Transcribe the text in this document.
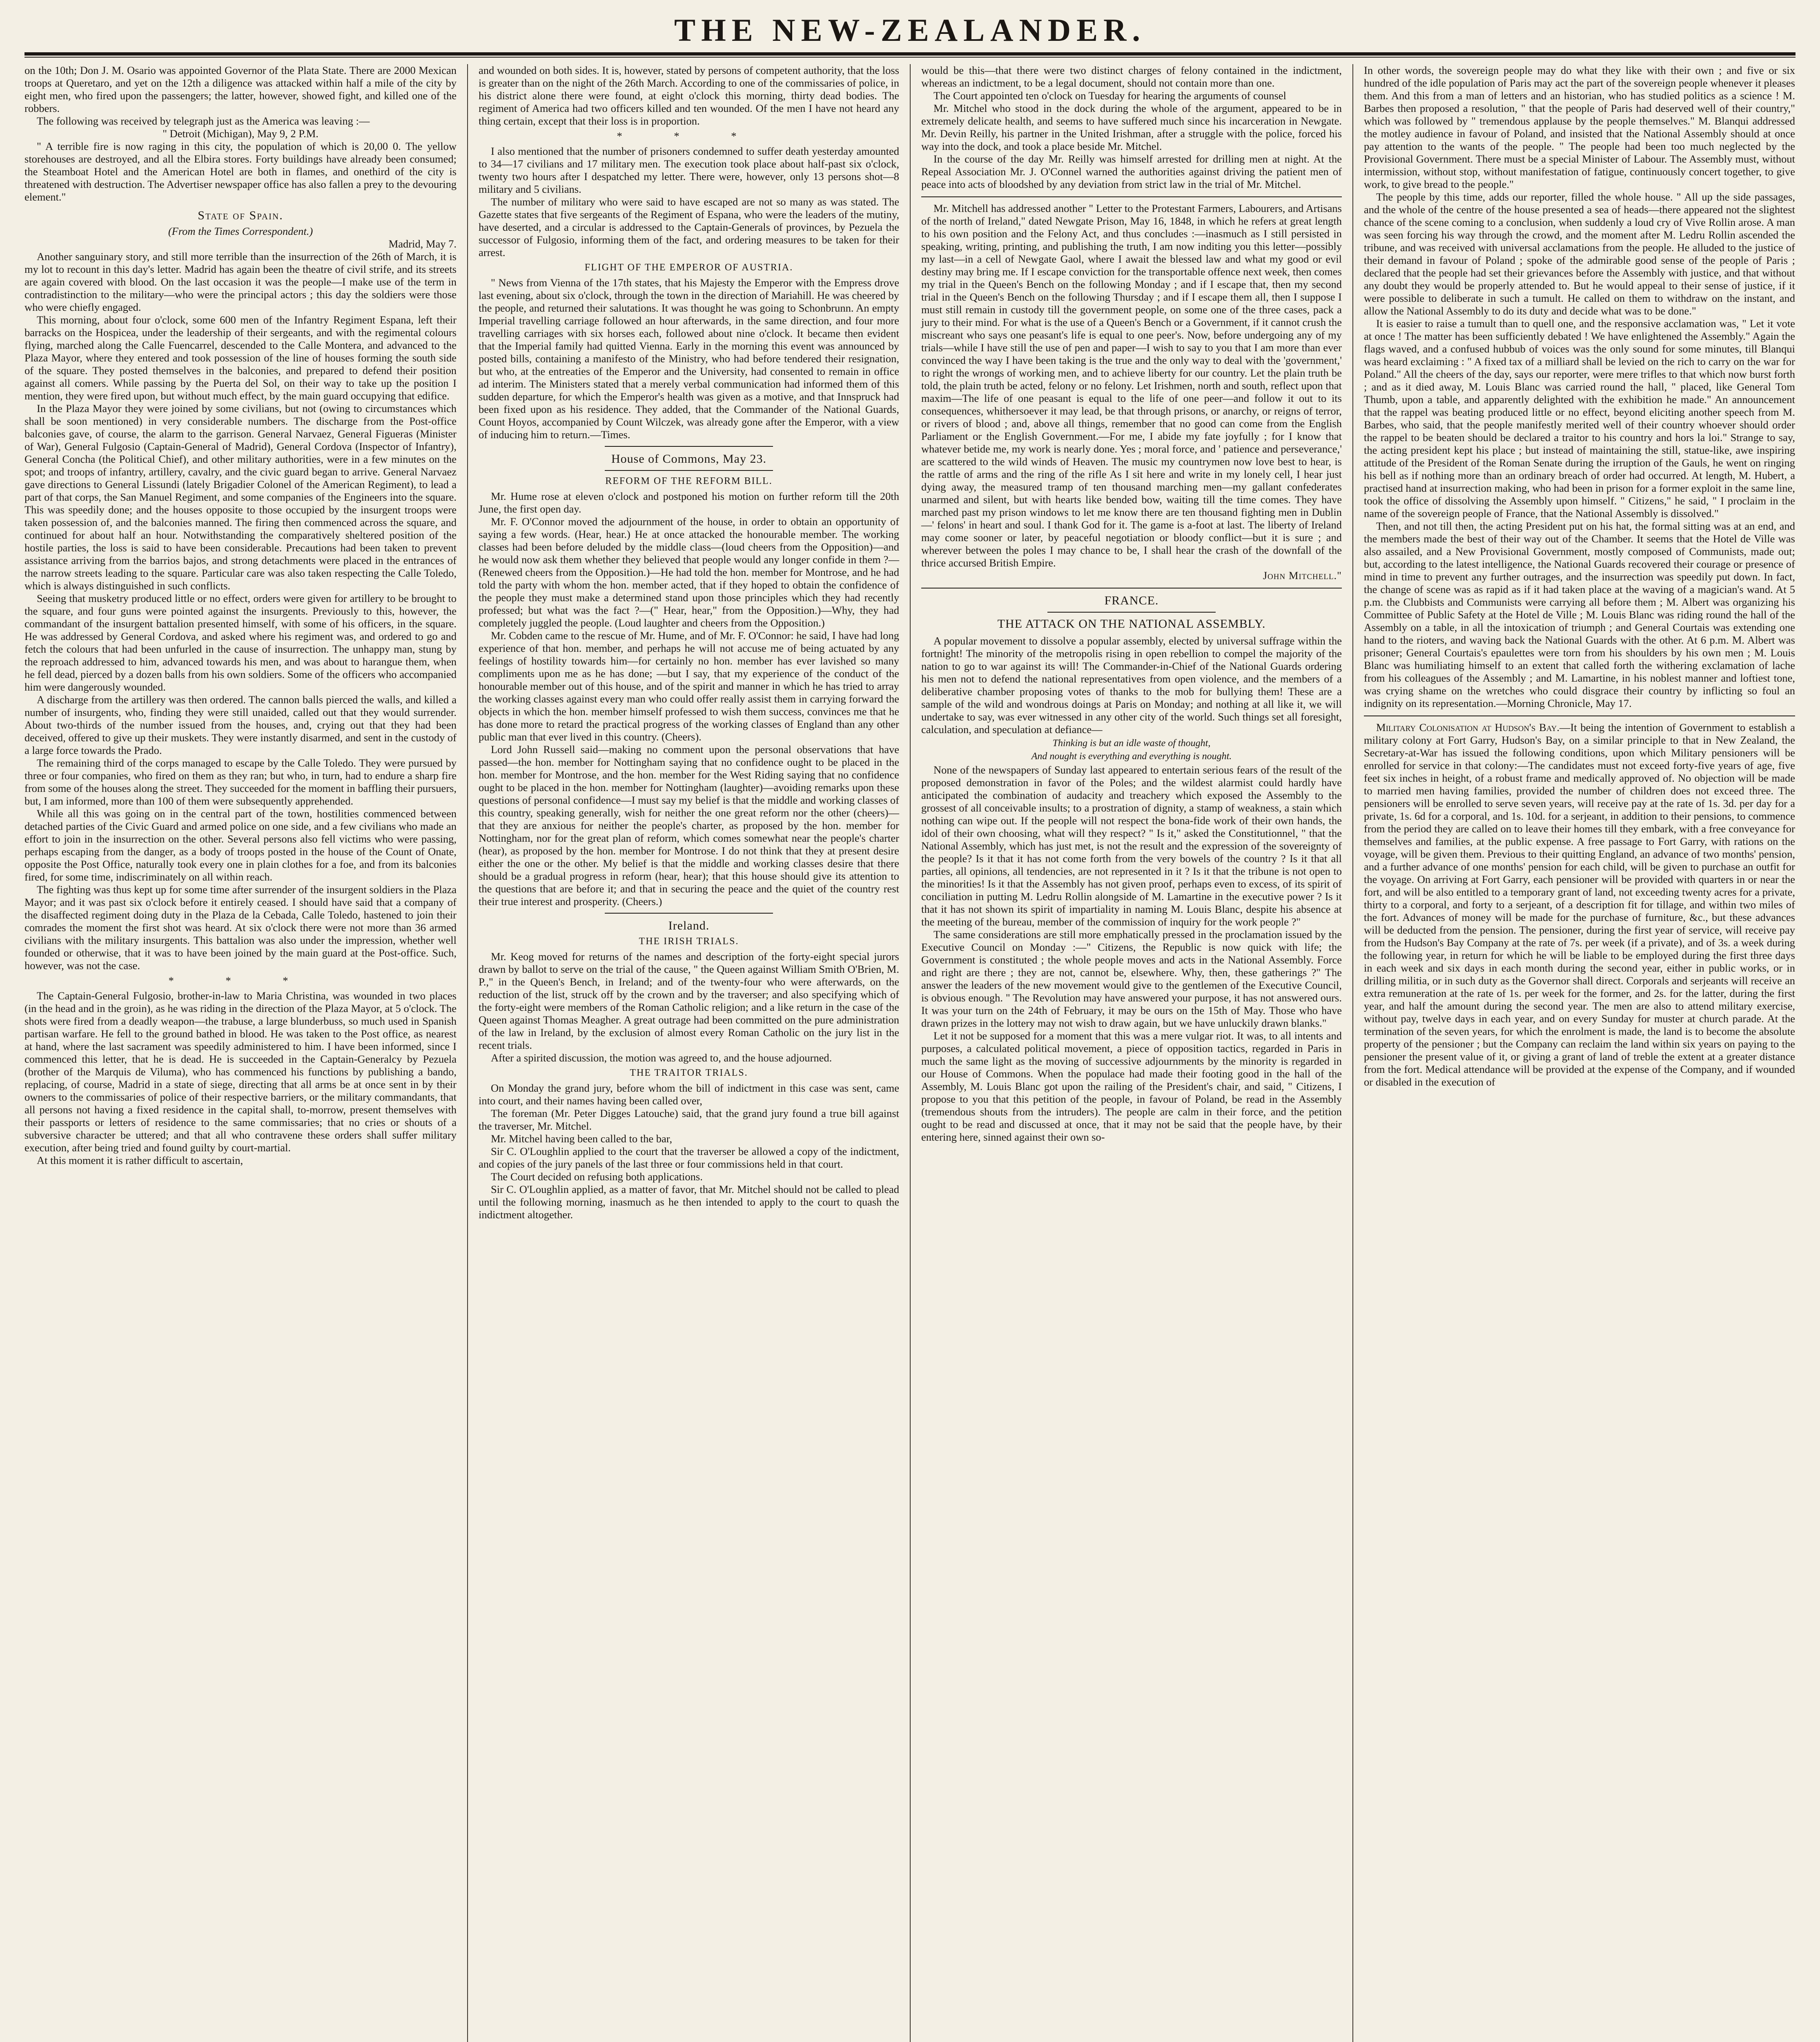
THE NEW-ZEALANDER.

on the 10th; Don J. M. Osario was appointed Governor of the Plata State. There are 2000 Mexican troops at Queretaro, and yet on the 12th a diligence was attacked within half a mile of the city by eight men, who fired upon the passengers; the latter, however, showed fight, and killed one of the robbers.

The following was received by telegraph just as the America was leaving :—

" Detroit (Michigan), May 9, 2 P.M.

" A terrible fire is now raging in this city, the population of which is 20,00 0. The yellow storehouses are destroyed, and all the Elbira stores. Forty buildings have already been consumed; the Steamboat Hotel and the American Hotel are both in flames, and onethird of the city is threatened with destruction. The Advertiser newspaper office has also fallen a prey to the devouring element."

State of Spain.

(From the Times Correspondent.)

Madrid, May 7.

Another sanguinary story, and still more terrible than the insurrection of the 26th of March, it is my lot to recount in this day's letter. Madrid has again been the theatre of civil strife, and its streets are again covered with blood. On the last occasion it was the people—I make use of the term in contradistinction to the military—who were the principal actors ; this day the soldiers were those who were chiefly engaged.

This morning, about four o'clock, some 600 men of the Infantry Regiment Espana, left their barracks on the Hospicea, under the leadership of their sergeants, and with the regimental colours flying, marched along the Calle Fuencarrel, descended to the Calle Montera, and advanced to the Plaza Mayor, where they entered and took possession of the line of houses forming the south side of the square. They posted themselves in the balconies, and prepared to defend their position against all comers. While passing by the Puerta del Sol, on their way to take up the position I mention, they were fired upon, but without much effect, by the main guard occupying that edifice.

In the Plaza Mayor they were joined by some civilians, but not (owing to circumstances which shall be soon mentioned) in very considerable numbers. The discharge from the Post-office balconies gave, of course, the alarm to the garrison. General Narvaez, General Figueras (Minister of War), General Fulgosio (Captain-General of Madrid), General Cordova (Inspector of Infantry), General Concha (the Political Chief), and other military authorities, were in a few minutes on the spot; and troops of infantry, artillery, cavalry, and the civic guard began to arrive. General Narvaez gave directions to General Lissundi (lately Brigadier Colonel of the American Regiment), to lead a part of that corps, the San Manuel Regiment, and some companies of the Engineers into the square. This was speedily done; and the houses opposite to those occupied by the insurgent troops were taken possession of, and the balconies manned. The firing then commenced across the square, and continued for about half an hour. Notwithstanding the comparatively sheltered position of the hostile parties, the loss is said to have been considerable. Precautions had been taken to prevent assistance arriving from the barrios bajos, and strong detachments were placed in the entrances of the narrow streets leading to the square. Particular care was also taken respecting the Calle Toledo, which is always distinguished in such conflicts.

Seeing that musketry produced little or no effect, orders were given for artillery to be brought to the square, and four guns were pointed against the insurgents. Previously to this, however, the commandant of the insurgent battalion presented himself, with some of his officers, in the square. He was addressed by General Cordova, and asked where his regiment was, and ordered to go and fetch the colours that had been unfurled in the cause of insurrection. The unhappy man, stung by the reproach addressed to him, advanced towards his men, and was about to harangue them, when he fell dead, pierced by a dozen balls from his own soldiers. Some of the officers who accompanied him were dangerously wounded.

A discharge from the artillery was then ordered. The cannon balls pierced the walls, and killed a number of insurgents, who, finding they were still unaided, called out that they would surrender. About two-thirds of the number issued from the houses, and, crying out that they had been deceived, offered to give up their muskets. They were instantly disarmed, and sent in the custody of a large force towards the Prado.

The remaining third of the corps managed to escape by the Calle Toledo. They were pursued by three or four companies, who fired on them as they ran; but who, in turn, had to endure a sharp fire from some of the houses along the street. They succeeded for the moment in baffling their pursuers, but, I am informed, more than 100 of them were subsequently apprehended.

While all this was going on in the central part of the town, hostilities commenced between detached parties of the Civic Guard and armed police on one side, and a few civilians who made an effort to join in the insurrection on the other. Several persons also fell victims who were passing, perhaps escaping from the danger, as a body of troops posted in the house of the Count of Onate, opposite the Post Office, naturally took every one in plain clothes for a foe, and from its balconies fired, for some time, indiscriminately on all within reach.

The fighting was thus kept up for some time after surrender of the insurgent soldiers in the Plaza Mayor; and it was past six o'clock before it entirely ceased. I should have said that a company of the disaffected regiment doing duty in the Plaza de la Cebada, Calle Toledo, hastened to join their comrades the moment the first shot was heard. At six o'clock there were not more than 36 armed civilians with the military insurgents. This battalion was also under the impression, whether well founded or otherwise, that it was to have been joined by the main guard at the Post-office. Such, however, was not the case.

* * *

The Captain-General Fulgosio, brother-in-law to Maria Christina, was wounded in two places (in the head and in the groin), as he was riding in the direction of the Plaza Mayor, at 5 o'clock. The shots were fired from a deadly weapon—the trabuse, a large blunderbuss, so much used in Spanish partisan warfare. He fell to the ground bathed in blood. He was taken to the Post office, as nearest at hand, where the last sacrament was speedily administered to him. I have been informed, since I commenced this letter, that he is dead. He is succeeded in the Captain-Generalcy by Pezuela (brother of the Marquis de Viluma), who has commenced his functions by publishing a bando, replacing, of course, Madrid in a state of siege, directing that all arms be at once sent in by their owners to the commissaries of police of their respective barriers, or the military commandants, that all persons not having a fixed residence in the capital shall, to-morrow, present themselves with their passports or letters of residence to the same commissaries; that no cries or shouts of a subversive character be uttered; and that all who contravene these orders shall suffer military execution, after being tried and found guilty by court-martial.

At this moment it is rather difficult to ascertain,

and wounded on both sides. It is, however, stated by persons of competent authority, that the loss is greater than on the night of the 26th March. According to one of the commissaries of police, in his district alone there were found, at eight o'clock this morning, thirty dead bodies. The regiment of America had two officers killed and ten wounded. Of the men I have not heard any thing certain, except that their loss is in proportion.

* * *

I also mentioned that the number of prisoners condemned to suffer death yesterday amounted to 34—17 civilians and 17 military men. The execution took place about half-past six o'clock, twenty two hours after I despatched my letter. There were, however, only 13 persons shot—8 military and 5 civilians.

The number of military who were said to have escaped are not so many as was stated. The Gazette states that five sergeants of the Regiment of Espana, who were the leaders of the mutiny, have deserted, and a circular is addressed to the Captain-Generals of provinces, by Pezuela the successor of Fulgosio, informing them of the fact, and ordering measures to be taken for their arrest.

FLIGHT OF THE EMPEROR OF AUSTRIA.

" News from Vienna of the 17th states, that his Majesty the Emperor with the Empress drove last evening, about six o'clock, through the town in the direction of Mariahill. He was cheered by the people, and returned their salutations. It was thought he was going to Schonbrunn. An empty Imperial travelling carriage followed an hour afterwards, in the same direction, and four more travelling carriages with six horses each, followed about nine o'clock. It became then evident that the Imperial family had quitted Vienna. Early in the morning this event was announced by posted bills, containing a manifesto of the Ministry, who had before tendered their resignation, but who, at the entreaties of the Emperor and the University, had consented to remain in office ad interim. The Ministers stated that a merely verbal communication had informed them of this sudden departure, for which the Emperor's health was given as a motive, and that Innspruck had been fixed upon as his residence. They added, that the Commander of the National Guards, Count Hoyos, accompanied by Count Wilczek, was already gone after the Emperor, with a view of inducing him to return.—Times.

House of Commons, May 23.
REFORM OF THE REFORM BILL.

Mr. Hume rose at eleven o'clock and postponed his motion on further reform till the 20th June, the first open day.

Mr. F. O'Connor moved the adjournment of the house, in order to obtain an opportunity of saying a few words. (Hear, hear.) He at once attacked the honourable member. The working classes had been before deluded by the middle class—(loud cheers from the Opposition)—and he would now ask them whether they believed that people would any longer confide in them ?—(Renewed cheers from the Opposition.)—He had told the hon. member for Montrose, and he had told the party with whom the hon. member acted, that if they hoped to obtain the confidence of the people they must make a determined stand upon those principles which they had recently professed; but what was the fact ?—(" Hear, hear," from the Opposition.)—Why, they had completely juggled the people. (Loud laughter and cheers from the Opposition.)

Mr. Cobden came to the rescue of Mr. Hume, and of Mr. F. O'Connor: he said, I have had long experience of that hon. member, and perhaps he will not accuse me of being actuated by any feelings of hostility towards him—for certainly no hon. member has ever lavished so many compliments upon me as he has done; —but I say, that my experience of the conduct of the honourable member out of this house, and of the spirit and manner in which he has tried to array the working classes against every man who could offer really assist them in carrying forward the objects in which the hon. member himself professed to wish them success, convinces me that he has done more to retard the practical progress of the working classes of England than any other public man that ever lived in this country. (Cheers).

Lord John Russell said—making no comment upon the personal observations that have passed—the hon. member for Nottingham saying that no confidence ought to be placed in the hon. member for Montrose, and the hon. member for the West Riding saying that no confidence ought to be placed in the hon. member for Nottingham (laughter)—avoiding remarks upon these questions of personal confidence—I must say my belief is that the middle and working classes of this country, speaking generally, wish for neither the one great reform nor the other (cheers)—that they are anxious for neither the people's charter, as proposed by the hon. member for Nottingham, nor for the great plan of reform, which comes somewhat near the people's charter (hear), as proposed by the hon. member for Montrose. I do not think that they at present desire either the one or the other. My belief is that the middle and working classes desire that there should be a gradual progress in reform (hear, hear); that this house should give its attention to the questions that are before it; and that in securing the peace and the quiet of the country rest their true interest and prosperity. (Cheers.)

Ireland.
THE IRISH TRIALS.

Mr. Keog moved for returns of the names and description of the forty-eight special jurors drawn by ballot to serve on the trial of the cause, " the Queen against William Smith O'Brien, M. P.," in the Queen's Bench, in Ireland; and of the twenty-four who were afterwards, on the reduction of the list, struck off by the crown and by the traverser; and also specifying which of the forty-eight were members of the Roman Catholic religion; and a like return in the case of the Queen against Thomas Meagher. A great outrage had been committed on the pure administration of the law in Ireland, by the exclusion of almost every Roman Catholic on the jury list in the recent trials.

After a spirited discussion, the motion was agreed to, and the house adjourned.

THE TRAITOR TRIALS.

On Monday the grand jury, before whom the bill of indictment in this case was sent, came into court, and their names having been called over,

The foreman (Mr. Peter Digges Latouche) said, that the grand jury found a true bill against the traverser, Mr. Mitchel.

Mr. Mitchel having been called to the bar,

Sir C. O'Loughlin applied to the court that the traverser be allowed a copy of the indictment, and copies of the jury panels of the last three or four commissions held in that court.

The Court decided on refusing both applications.

Sir C. O'Loughlin applied, as a matter of favor, that Mr. Mitchel should not be called to plead until the following morning, inasmuch as he then intended to apply to the court to quash the indictment altogether.

would be this—that there were two distinct charges of felony contained in the indictment, whereas an indictment, to be a legal document, should not contain more than one.

The Court appointed ten o'clock on Tuesday for hearing the arguments of counsel

Mr. Mitchel who stood in the dock during the whole of the argument, appeared to be in extremely delicate health, and seems to have suffered much since his incarceration in Newgate. Mr. Devin Reilly, his partner in the United Irishman, after a struggle with the police, forced his way into the dock, and took a place beside Mr. Mitchel.

In the course of the day Mr. Reilly was himself arrested for drilling men at night. At the Repeal Association Mr. J. O'Connel warned the authorities against driving the patient men of peace into acts of bloodshed by any deviation from strict law in the trial of Mr. Mitchel.

Mr. Mitchell has addressed another " Letter to the Protestant Farmers, Labourers, and Artisans of the north of Ireland," dated Newgate Prison, May 16, 1848, in which he refers at great length to his own position and the Felony Act, and thus concludes :—inasmuch as I still persisted in speaking, writing, printing, and publishing the truth, I am now inditing you this letter—possibly my last—in a cell of Newgate Gaol, where I await the blessed law and what my good or evil destiny may bring me. If I escape conviction for the transportable offence next week, then comes my trial in the Queen's Bench on the following Monday ; and if I escape that, then my second trial in the Queen's Bench on the following Thursday ; and if I escape them all, then I suppose I must still remain in custody till the government people, on some one of the three cases, pack a jury to their mind. For what is the use of a Queen's Bench or a Government, if it cannot crush the miscreant who says one peasant's life is equal to one peer's. Now, before undergoing any of my trials—while I have still the use of pen and paper—I wish to say to you that I am more than ever convinced the way I have been taking is the true and the only way to deal with the 'government,' to right the wrongs of working men, and to achieve liberty for our country. Let the plain truth be told, the plain truth be acted, felony or no felony. Let Irishmen, north and south, reflect upon that maxim—The life of one peasant is equal to the life of one peer—and follow it out to its consequences, whithersoever it may lead, be that through prisons, or anarchy, or reigns of terror, or rivers of blood ; and, above all things, remember that no good can come from the English Parliament or the English Government.—For me, I abide my fate joyfully ; for I know that whatever betide me, my work is nearly done. Yes ; moral force, and ' patience and perseverance,' are scattered to the wild winds of Heaven. The music my countrymen now love best to hear, is the rattle of arms and the ring of the rifle As I sit here and write in my lonely cell, I hear just dying away, the measured tramp of ten thousand marching men—my gallant confederates unarmed and silent, but with hearts like bended bow, waiting till the time comes. They have marched past my prison windows to let me know there are ten thousand fighting men in Dublin—' felons' in heart and soul. I thank God for it. The game is a-foot at last. The liberty of Ireland may come sooner or later, by peaceful negotiation or bloody conflict—but it is sure ; and wherever between the poles I may chance to be, I shall hear the crash of the downfall of the thrice accursed British Empire.

John Mitchell."

FRANCE.
THE ATTACK ON THE NATIONAL ASSEMBLY.

A popular movement to dissolve a popular assembly, elected by universal suffrage within the fortnight! The minority of the metropolis rising in open rebellion to compel the majority of the nation to go to war against its will! The Commander-in-Chief of the National Guards ordering his men not to defend the national representatives from open violence, and the members of a deliberative chamber proposing votes of thanks to the mob for bullying them! These are a sample of the wild and wondrous doings at Paris on Monday; and nothing at all like it, we will undertake to say, was ever witnessed in any other city of the world. Such things set all foresight, calculation, and speculation at defiance—

Thinking is but an idle waste of thought,
And nought is everything and everything is nought.

None of the newspapers of Sunday last appeared to entertain serious fears of the result of the proposed demonstration in favor of the Poles; and the wildest alarmist could hardly have anticipated the combination of audacity and treachery which exposed the Assembly to the grossest of all conceivable insults; to a prostration of dignity, a stamp of weakness, a stain which nothing can wipe out. If the people will not respect the bona-fide work of their own hands, the idol of their own choosing, what will they respect? " Is it," asked the Constitutionnel, " that the National Assembly, which has just met, is not the result and the expression of the sovereignty of the people? Is it that it has not come forth from the very bowels of the country ? Is it that all parties, all opinions, all tendencies, are not represented in it ? Is it that the tribune is not open to the minorities! Is it that the Assembly has not given proof, perhaps even to excess, of its spirit of conciliation in putting M. Ledru Rollin alongside of M. Lamartine in the executive power ? Is it that it has not shown its spirit of impartiality in naming M. Louis Blanc, despite his absence at the meeting of the bureau, member of the commission of inquiry for the work people ?"

The same considerations are still more emphatically pressed in the proclamation issued by the Executive Council on Monday :—" Citizens, the Republic is now quick with life; the Government is constituted ; the whole people moves and acts in the National Assembly. Force and right are there ; they are not, cannot be, elsewhere. Why, then, these gatherings ?" The answer the leaders of the new movement would give to the gentlemen of the Executive Council, is obvious enough. " The Revolution may have answered your purpose, it has not answered ours. It was your turn on the 24th of February, it may be ours on the 15th of May. Those who have drawn prizes in the lottery may not wish to draw again, but we have unluckily drawn blanks."

Let it not be supposed for a moment that this was a mere vulgar riot. It was, to all intents and purposes, a calculated political movement, a piece of opposition tactics, regarded in Paris in much the same light as the moving of successive adjournments by the minority is regarded in our House of Commons. When the populace had made their footing good in the hall of the Assembly, M. Louis Blanc got upon the railing of the President's chair, and said, " Citizens, I propose to you that this petition of the people, in favour of Poland, be read in the Assembly (tremendous shouts from the intruders). The people are calm in their force, and the petition ought to be read and discussed at once, that it may not be said that the people have, by their entering here, sinned against their own so-

In other words, the sovereign people may do what they like with their own ; and five or six hundred of the idle population of Paris may act the part of the sovereign people whenever it pleases them. And this from a man of letters and an historian, who has studied politics as a science ! M. Barbes then proposed a resolution, " that the people of Paris had deserved well of their country," which was followed by " tremendous applause by the people themselves." M. Blanqui addressed the motley audience in favour of Poland, and insisted that the National Assembly should at once pay attention to the wants of the people. " The people had been too much neglected by the Provisional Government. There must be a special Minister of Labour. The Assembly must, without intermission, without stop, without manifestation of fatigue, continuously concert together, to give work, to give bread to the people."

The people by this time, adds our reporter, filled the whole house. " All up the side passages, and the whole of the centre of the house presented a sea of heads—there appeared not the slightest chance of the scene coming to a conclusion, when suddenly a loud cry of Vive Rollin arose. A man was seen forcing his way through the crowd, and the moment after M. Ledru Rollin ascended the tribune, and was received with universal acclamations from the people. He alluded to the justice of their demand in favour of Poland ; spoke of the admirable good sense of the people of Paris ; declared that the people had set their grievances before the Assembly with justice, and that without any doubt they would be properly attended to. But he would appeal to their sense of justice, if it were possible to deliberate in such a tumult. He called on them to withdraw on the instant, and allow the National Assembly to do its duty and decide what was to be done."

It is easier to raise a tumult than to quell one, and the responsive acclamation was, " Let it vote at once ! The matter has been sufficiently debated ! We have enlightened the Assembly." Again the flags waved, and a confused hubbub of voices was the only sound for some minutes, till Blanqui was heard exclaiming : " A fixed tax of a milliard shall be levied on the rich to carry on the war for Poland." All the cheers of the day, says our reporter, were mere trifles to that which now burst forth ; and as it died away, M. Louis Blanc was carried round the hall, " placed, like General Tom Thumb, upon a table, and apparently delighted with the exhibition he made." An announcement that the rappel was beating produced little or no effect, beyond eliciting another speech from M. Barbes, who said, that the people manifestly merited well of their country whoever should order the rappel to be beaten should be declared a traitor to his country and hors la loi." Strange to say, the acting president kept his place ; but instead of maintaining the still, statue-like, awe inspiring attitude of the President of the Roman Senate during the irruption of the Gauls, he went on ringing his bell as if nothing more than an ordinary breach of order had occurred. At length, M. Hubert, a practised hand at insurrection making, who had been in prison for a former exploit in the same line, took the office of dissolving the Assembly upon himself. " Citizens," he said, " I proclaim in the name of the sovereign people of France, that the National Assembly is dissolved."

Then, and not till then, the acting President put on his hat, the formal sitting was at an end, and the members made the best of their way out of the Chamber. It seems that the Hotel de Ville was also assailed, and a New Provisional Government, mostly composed of Communists, made out; but, according to the latest intelligence, the National Guards recovered their courage or presence of mind in time to prevent any further outrages, and the insurrection was speedily put down. In fact, the change of scene was as rapid as if it had taken place at the waving of a magician's wand. At 5 p.m. the Clubbists and Communists were carrying all before them ; M. Albert was organizing his Committee of Public Safety at the Hotel de Ville ; M. Louis Blanc was riding round the hall of the Assembly on a table, in all the intoxication of triumph ; and General Courtais was extending one hand to the rioters, and waving back the National Guards with the other. At 6 p.m. M. Albert was prisoner; General Courtais's epaulettes were torn from his shoulders by his own men ; M. Louis Blanc was humiliating himself to an extent that called forth the withering exclamation of lache from his colleagues of the Assembly ; and M. Lamartine, in his noblest manner and loftiest tone, was crying shame on the wretches who could disgrace their country by inflicting so foul an indignity on its representation.—Morning Chronicle, May 17.

Military Colonisation at Hudson's Bay.—It being the intention of Government to establish a military colony at Fort Garry, Hudson's Bay, on a similar principle to that in New Zealand, the Secretary-at-War has issued the following conditions, upon which Military pensioners will be enrolled for service in that colony:—The candidates must not exceed forty-five years of age, five feet six inches in height, of a robust frame and medically approved of. No objection will be made to married men having families, provided the number of children does not exceed three. The pensioners will be enrolled to serve seven years, will receive pay at the rate of 1s. 3d. per day for a private, 1s. 6d for a corporal, and 1s. 10d. for a serjeant, in addition to their pensions, to commence from the period they are called on to leave their homes till they embark, with a free conveyance for themselves and families, at the public expense. A free passage to Fort Garry, with rations on the voyage, will be given them. Previous to their quitting England, an advance of two months' pension, and a further advance of one months' pension for each child, will be given to purchase an outfit for the voyage. On arriving at Fort Garry, each pensioner will be provided with quarters in or near the fort, and will be also entitled to a temporary grant of land, not exceeding twenty acres for a private, thirty to a corporal, and forty to a serjeant, of a description fit for tillage, and within two miles of the fort. Advances of money will be made for the purchase of furniture, &c., but these advances will be deducted from the pension. The pensioner, during the first year of service, will receive pay from the Hudson's Bay Company at the rate of 7s. per week (if a private), and of 3s. a week during the following year, in return for which he will be liable to be employed during the first three days in each week and six days in each month during the second year, either in public works, or in drilling militia, or in such duty as the Governor shall direct. Corporals and serjeants will receive an extra remuneration at the rate of 1s. per week for the former, and 2s. for the latter, during the first year, and half the amount during the second year. The men are also to attend military exercise, without pay, twelve days in each year, and on every Sunday for muster at church parade. At the termination of the seven years, for which the enrolment is made, the land is to become the absolute property of the pensioner ; but the Company can reclaim the land within six years on paying to the pensioner the present value of it, or giving a grant of land of treble the extent at a greater distance from the fort. Medical attendance will be provided at the expense of the Company, and if wounded or disabled in the execution of
